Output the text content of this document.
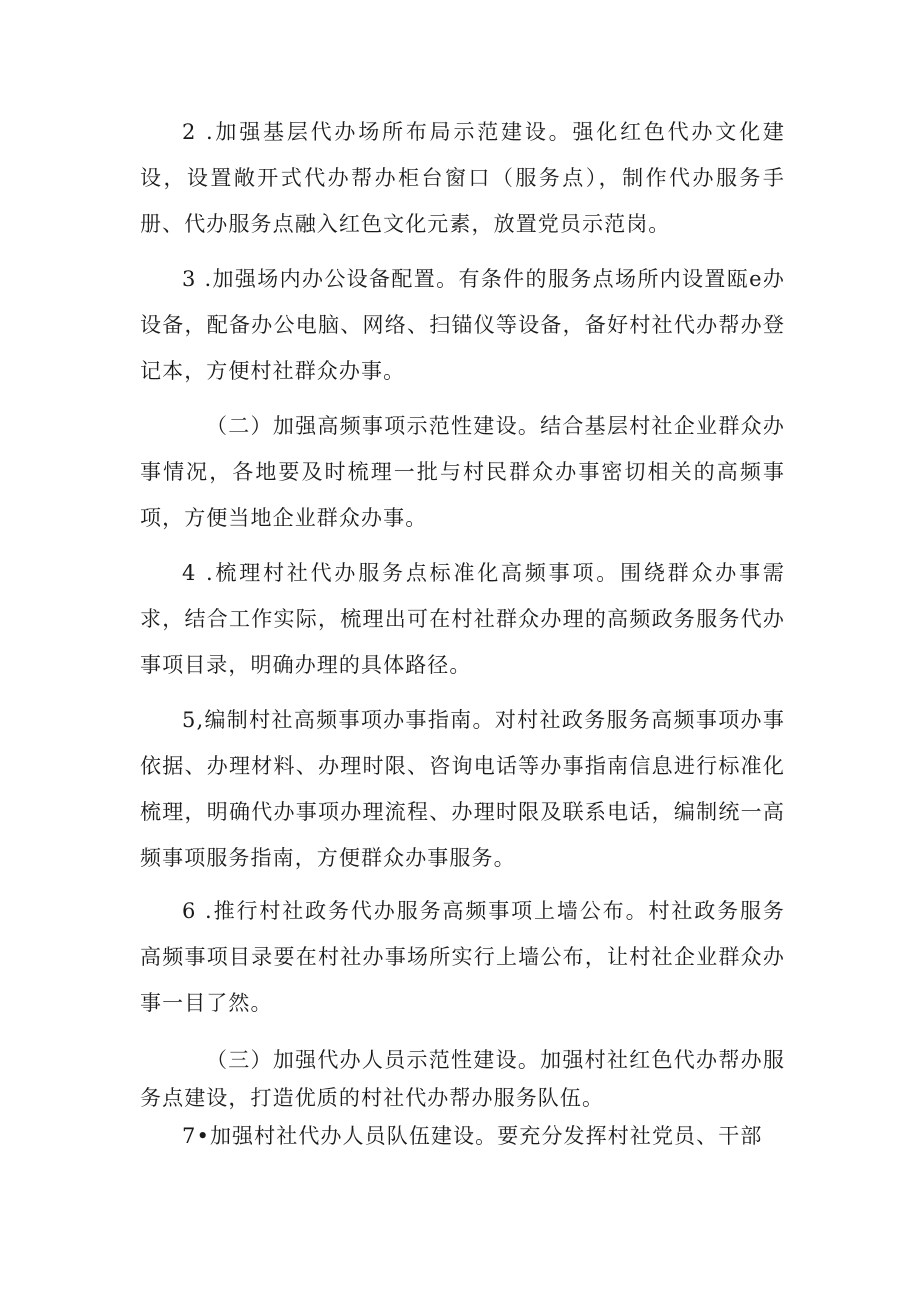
2 .加强基层代办场所布局示范建设。强化红色代办文化建设，设置敞开式代办帮办柜台窗口（服务点），制作代办服务手册、代办服务点融入红色文化元素，放置党员示范岗。

3 .加强场内办公设备配置。有条件的服务点场所内设置瓯e办设备，配备办公电脑、网络、扫锚仪等设备，备好村社代办帮办登记本，方便村社群众办事。

（二）加强高频事项示范性建设。结合基层村社企业群众办事情况，各地要及时梳理一批与村民群众办事密切相关的高频事项，方便当地企业群众办事。

4 .梳理村社代办服务点标准化高频事项。围绕群众办事需求，结合工作实际，梳理出可在村社群众办理的高频政务服务代办事项目录，明确办理的具体路径。

5,编制村社高频事项办事指南。对村社政务服务高频事项办事依据、办理材料、办理时限、咨询电话等办事指南信息进行标准化梳理，明确代办事项办理流程、办理时限及联系电话，编制统一高频事项服务指南，方便群众办事服务。

6 .推行村社政务代办服务高频事项上墙公布。村社政务服务高频事项目录要在村社办事场所实行上墙公布，让村社企业群众办事一目了然。

（三）加强代办人员示范性建设。加强村社红色代办帮办服务点建设，打造优质的村社代办帮办服务队伍。

7•加强村社代办人员队伍建设。要充分发挥村社党员、干部
